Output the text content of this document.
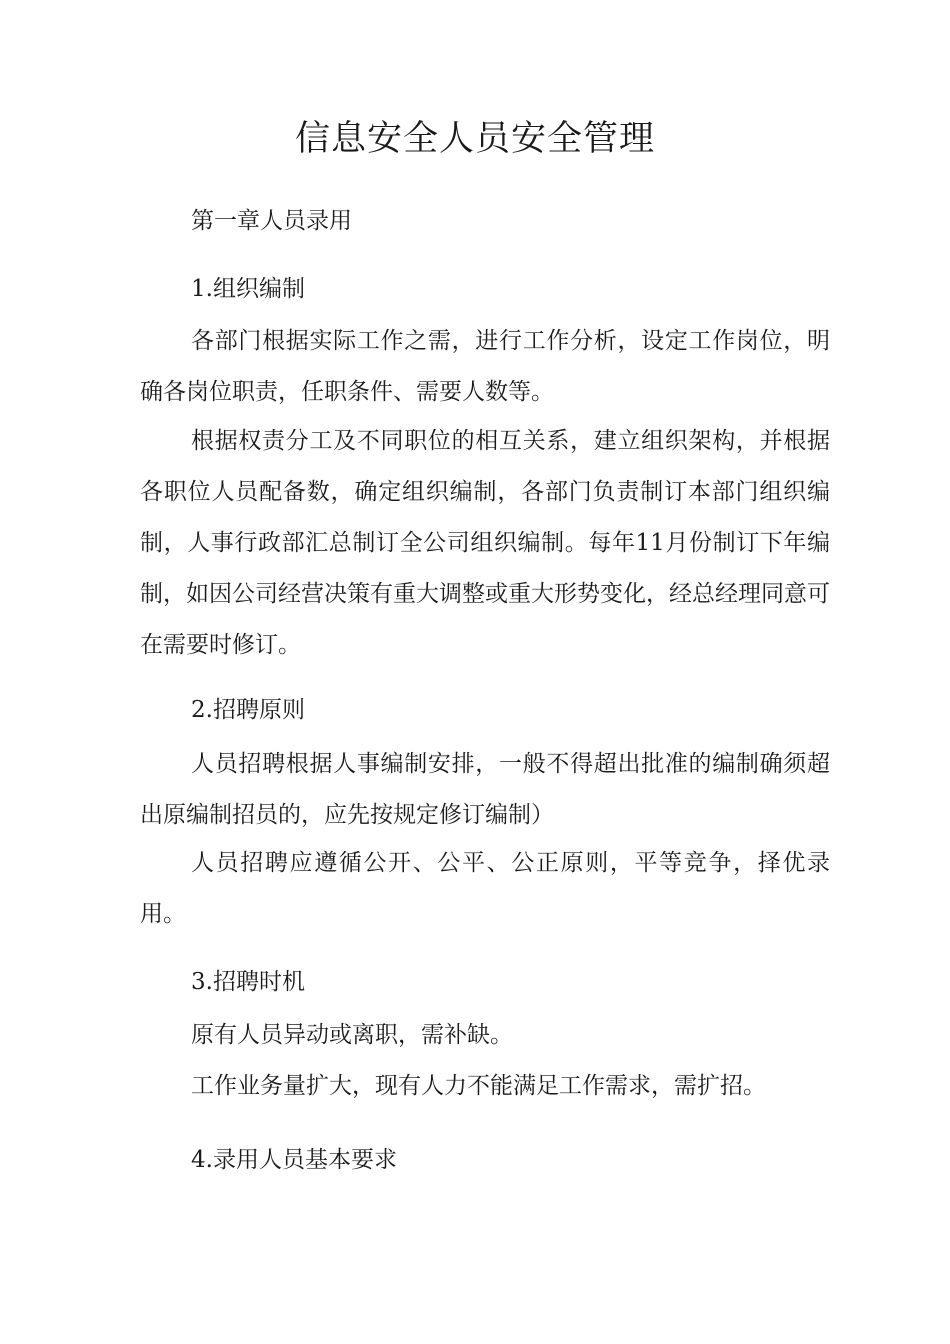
信息安全人员安全管理

第一章人员录用

1.组织编制

各部门根据实际工作之需，进行工作分析，设定工作岗位，明确各岗位职责，任职条件、需要人数等。

根据权责分工及不同职位的相互关系，建立组织架构，并根据各职位人员配备数，确定组织编制，各部门负责制订本部门组织编制，人事行政部汇总制订全公司组织编制。每年11月份制订下年编制，如因公司经营决策有重大调整或重大形势变化，经总经理同意可在需要时修订。

2.招聘原则

人员招聘根据人事编制安排，一般不得超出批准的编制确须超出原编制招员的，应先按规定修订编制）

人员招聘应遵循公开、公平、公正原则，平等竞争，择优录用。

3.招聘时机

原有人员异动或离职，需补缺。

工作业务量扩大，现有人力不能满足工作需求，需扩招。

4.录用人员基本要求
